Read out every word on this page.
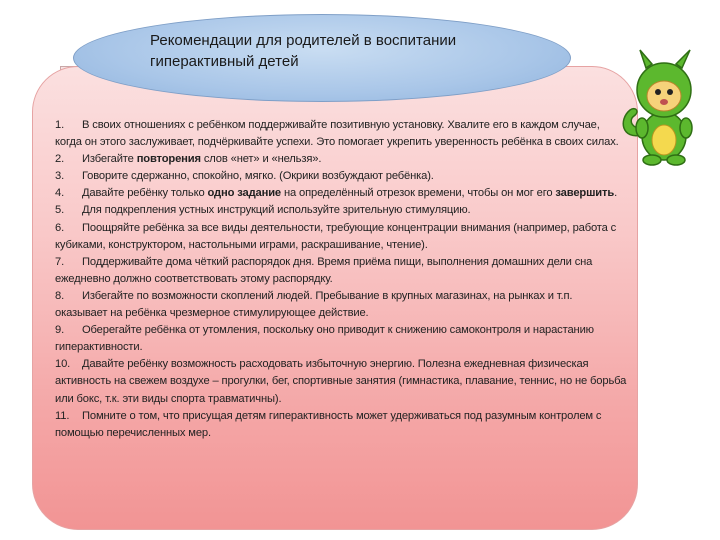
Рекомендации для родителей в воспитании
гиперактивный детей

1. В своих отношениях с ребёнком поддерживайте позитивную установку. Хвалите его в каждом случае, когда он этого заслуживает, подчёркивайте успехи. Это помогает укрепить уверенность ребёнка в своих силах.

2. Избегайте повторения слов «нет» и «нельзя».

3. Говорите сдержанно, спокойно, мягко. (Окрики возбуждают ребёнка).

4. Давайте ребёнку только одно задание на определённый отрезок времени, чтобы он мог его завершить.

5. Для подкрепления устных инструкций используйте зрительную стимуляцию.

6. Поощряйте ребёнка за все виды деятельности, требующие концентрации внимания (например, работа с кубиками, конструктором, настольными играми, раскрашивание, чтение).

7. Поддерживайте дома чёткий распорядок дня. Время приёма пищи, выполнения домашних дели сна ежедневно должно соответствовать этому распорядку.

8. Избегайте по возможности скоплений людей. Пребывание в крупных магазинах, на рынках и т.п. оказывает на ребёнка чрезмерное стимулирующее действие.

9. Оберегайте ребёнка от утомления, поскольку оно приводит к снижению самоконтроля и нарастанию гиперактивности.

10. Давайте ребёнку возможность расходовать избыточную энергию. Полезна ежедневная физическая активность на свежем воздухе – прогулки, бег, спортивные занятия (гимнастика, плавание, теннис, но не борьба или бокс, т.к. эти виды спорта травматичны).

11. Помните о том, что присущая детям гиперактивность может удерживаться под разумным контролем с помощью перечисленных мер.
